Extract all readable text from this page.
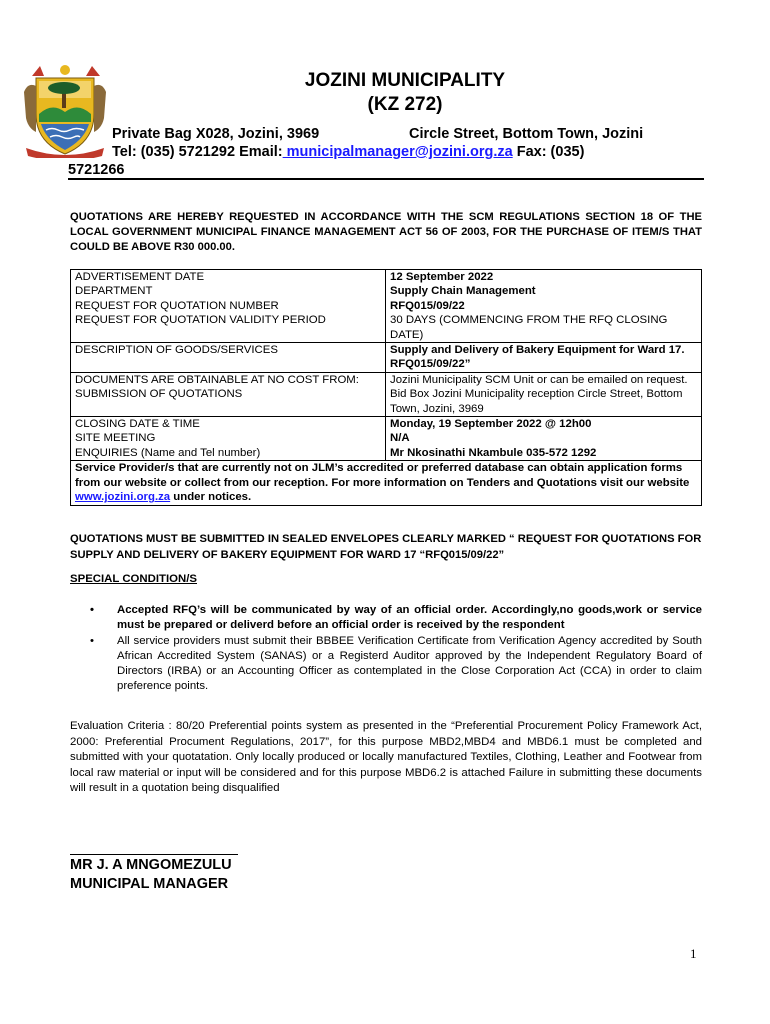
JOZINI MUNICIPALITY
(KZ 272)
Private Bag X028, Jozini, 3969	Circle Street, Bottom Town, Jozini
Tel: (035) 5721292 Email: municipalmanager@jozini.org.za Fax: (035)
5721266
QUOTATIONS ARE HEREBY REQUESTED IN ACCORDANCE WITH THE SCM REGULATIONS SECTION 18 OF THE LOCAL GOVERNMENT MUNICIPAL FINANCE MANAGEMENT ACT 56 OF 2003, FOR THE PURCHASE OF ITEM/S THAT COULD BE ABOVE R30 000.00.
ADVERTISEMENT DATE	12 September 2022
DEPARTMENT	Supply Chain Management
REQUEST FOR QUOTATION NUMBER	RFQ015/09/22
REQUEST FOR QUOTATION VALIDITY PERIOD	30 DAYS (COMMENCING FROM THE RFQ CLOSING DATE)
DESCRIPTION OF GOODS/SERVICES	Supply and Delivery of Bakery Equipment for Ward 17. RFQ015/09/22”
DOCUMENTS ARE OBTAINABLE AT NO COST FROM:	Jozini Municipality SCM Unit or can be emailed on request.
SUBMISSION OF QUOTATIONS	Bid Box Jozini Municipality reception Circle Street, Bottom Town, Jozini, 3969
CLOSING DATE & TIME	Monday, 19 September 2022 @ 12h00
SITE MEETING	N/A
ENQUIRIES (Name and Tel number)	Mr Nkosinathi Nkambule 035-572 1292
Service Provider/s that are currently not on JLM’s accredited or preferred database can obtain application forms from our website or collect from our reception. For more information on Tenders and Quotations visit our website www.jozini.org.za under notices.	
QUOTATIONS MUST BE SUBMITTED IN SEALED ENVELOPES CLEARLY MARKED “ REQUEST FOR QUOTATIONS FOR SUPPLY AND DELIVERY OF BAKERY EQUIPMENT FOR WARD 17 “RFQ015/09/22”
SPECIAL CONDITION/S
• Accepted RFQ’s will be communicated by way of an official order. Accordingly,no goods,work or service must be prepared or deliverd before an official order is received by the respondent
• All service providers must submit their BBBEE Verification Certificate from Verification Agency accredited by South African Accredited System (SANAS) or a Registerd Auditor approved by the Independent Regulatory Board of Directors (IRBA) or an Accounting Officer as contemplated in the Close Corporation Act (CCA) in order to claim preference points.
Evaluation Criteria : 80/20 Preferential points system as presented in the “Preferential Procurement Policy Framework Act, 2000: Preferential Procument Regulations, 2017”, for this purpose MBD2,MBD4 and MBD6.1 must be completed and submitted with your quotatation. Only locally produced or locally manufactured Textiles, Clothing, Leather and Footwear from local raw material or input will be considered and for this purpose MBD6.2 is attached Failure in submitting these documents will result in a quotation being disqualified
MR J. A MNGOMEZULU
MUNICIPAL MANAGER
1
